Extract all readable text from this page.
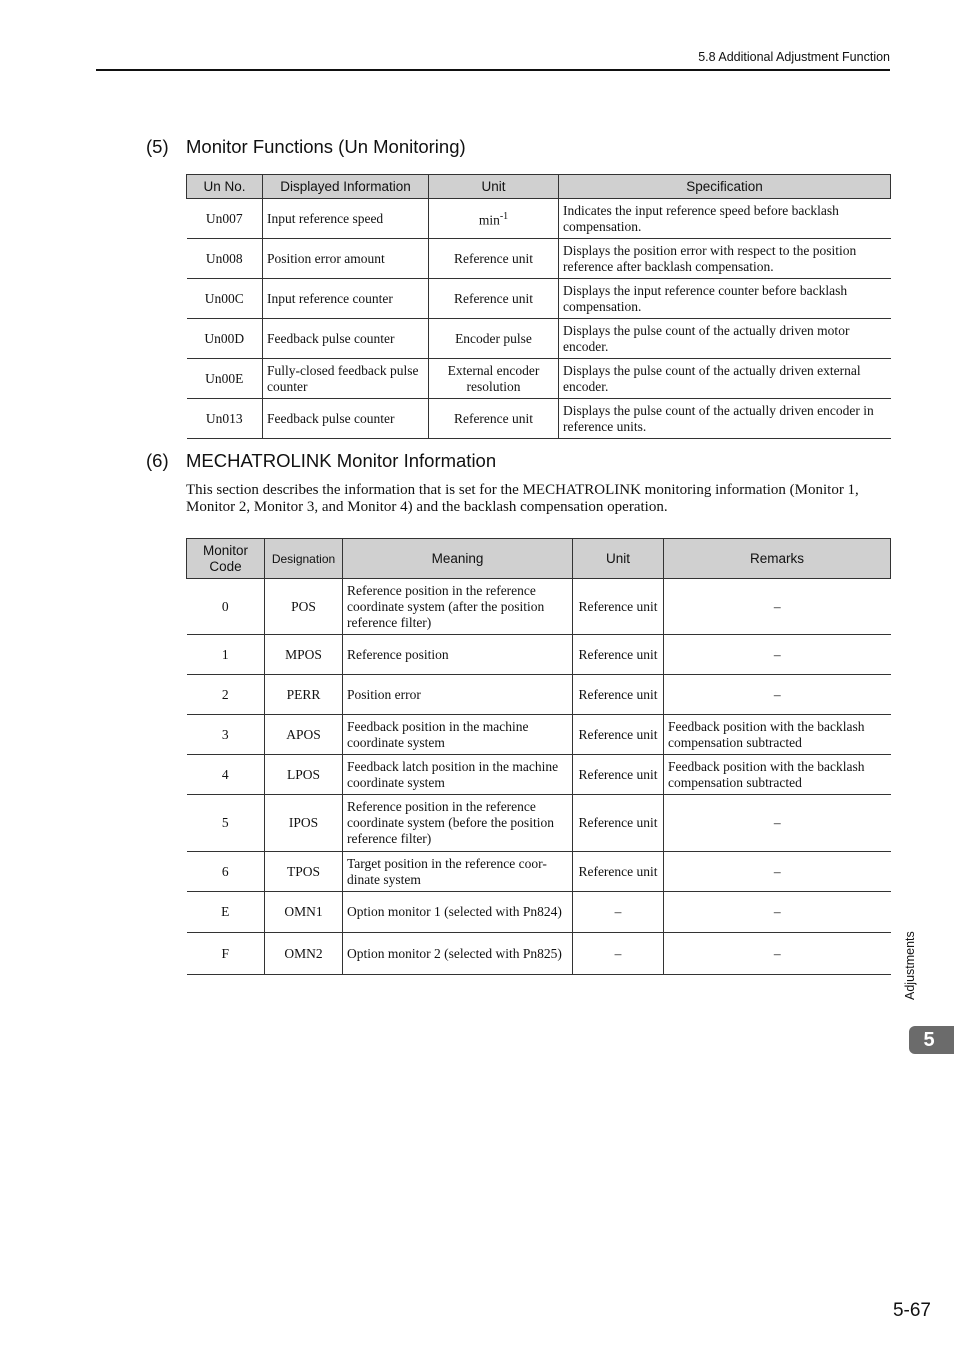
5.8 Additional Adjustment Function
(5) Monitor Functions (Un Monitoring)
Un No.	Displayed Information	Unit	Specification
Un007	Input reference speed	$\min^{-1}$	Indicates the input reference speed before backlash compensation.
Un008	Position error amount	Reference unit	Displays the position error with respect to the position reference after backlash compensation.
Un00C	Input reference counter	Reference unit	Displays the input reference counter before backlash compensation.
Un00D	Feedback pulse counter	Encoder pulse	Displays the pulse count of the actually driven motor encoder.
Un00E	Fully-closed feedback pulse counter	External encoder resolution	Displays the pulse count of the actually driven external encoder.
Un013	Feedback pulse counter	Reference unit	Displays the pulse count of the actually driven encoder in reference units.
(6) MECHATROLINK Monitor Information
This section describes the information that is set for the MECHATROLINK monitoring information (Monitor 1, Monitor 2, Monitor 3, and Monitor 4) and the backlash compensation operation.
Monitor Code	Designation	Meaning	Unit	Remarks
0	POS	Reference position in the reference coordinate system (after the position reference filter)	Reference unit	–
1	MPOS	Reference position	Reference unit	–
2	PERR	Position error	Reference unit	–
3	APOS	Feedback position in the machine coordinate system	Reference unit	Feedback position with the backlash compensation subtracted
4	LPOS	Feedback latch position in the machine coordinate system	Reference unit	Feedback position with the backlash compensation subtracted
5	IPOS	Reference position in the reference coordinate system (before the position reference filter)	Reference unit	–
6	TPOS	Target position in the reference coor-dinate system	Reference unit	–
E	OMN1	Option monitor 1 (selected with Pn824)	–	–
F	OMN2	Option monitor 2 (selected with Pn825)	–	–	Adjustments
5
5-67
